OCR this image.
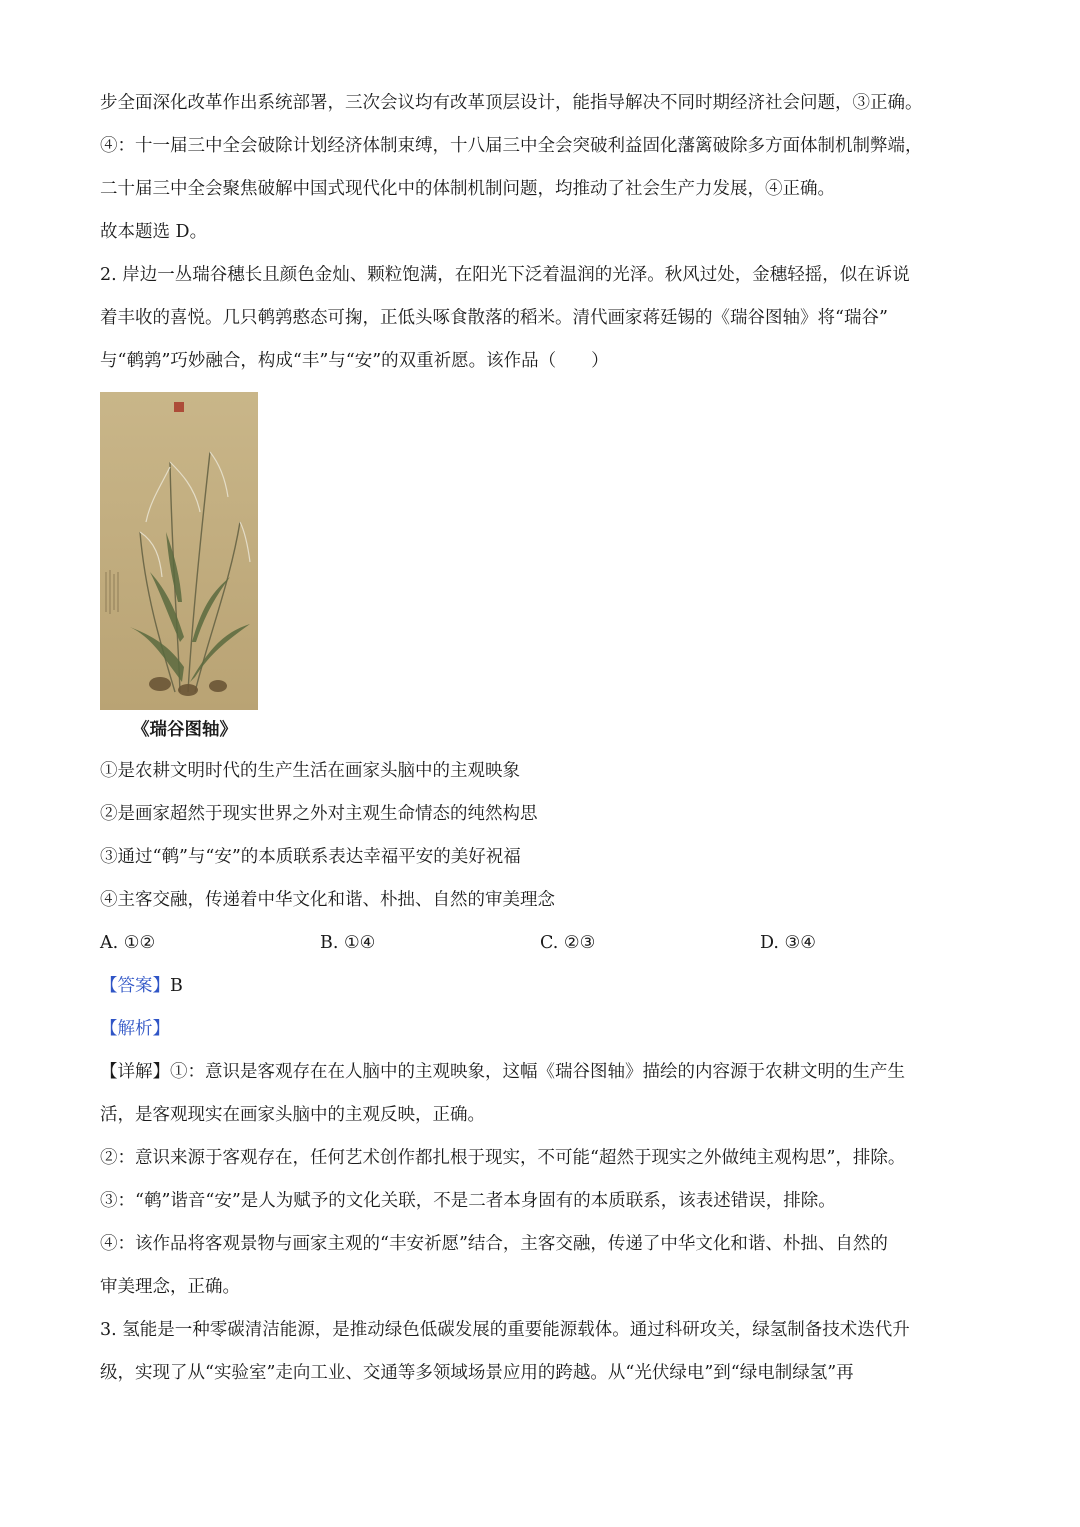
步全面深化改革作出系统部署，三次会议均有改革顶层设计，能指导解决不同时期经济社会问题，③正确。
④：十一届三中全会破除计划经济体制束缚，十八届三中全会突破利益固化藩篱破除多方面体制机制弊端，
二十届三中全会聚焦破解中国式现代化中的体制机制问题，均推动了社会生产力发展，④正确。
故本题选 D。
2. 岸边一丛瑞谷穗长且颜色金灿、颗粒饱满，在阳光下泛着温润的光泽。秋风过处，金穗轻摇，似在诉说
着丰收的喜悦。几只鹌鹑憨态可掬，正低头啄食散落的稻米。清代画家蒋廷锡的《瑞谷图轴》将“瑞谷”
与“鹌鹑”巧妙融合，构成“丰”与“安”的双重祈愿。该作品（　　）
《瑞谷图轴》
①是农耕文明时代的生产生活在画家头脑中的主观映象
②是画家超然于现实世界之外对主观生命情态的纯然构思
③通过“鹌”与“安”的本质联系表达幸福平安的美好祝福
④主客交融，传递着中华文化和谐、朴拙、自然的审美理念
A. ①②	B. ①④	C. ②③	D. ③④
【答案】B
【解析】
【详解】①：意识是客观存在在人脑中的主观映象，这幅《瑞谷图轴》描绘的内容源于农耕文明的生产生
活，是客观现实在画家头脑中的主观反映，正确。
②：意识来源于客观存在，任何艺术创作都扎根于现实，不可能“超然于现实之外做纯主观构思”，排除。
③：“鹌”谐音“安”是人为赋予的文化关联，不是二者本身固有的本质联系，该表述错误，排除。
④：该作品将客观景物与画家主观的“丰安祈愿”结合，主客交融，传递了中华文化和谐、朴拙、自然的
审美理念，正确。
3. 氢能是一种零碳清洁能源，是推动绿色低碳发展的重要能源载体。通过科研攻关，绿氢制备技术迭代升
级，实现了从“实验室”走向工业、交通等多领域场景应用的跨越。从“光伏绿电”到“绿电制绿氢”再
